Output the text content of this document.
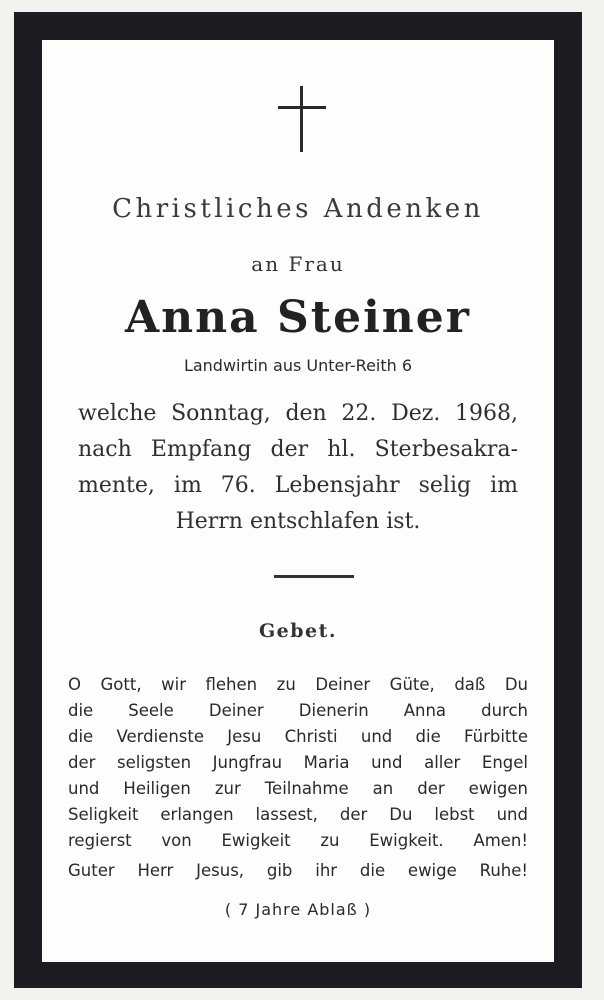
Christliches Andenken
an Frau
Anna Steiner
Landwirtin aus Unter-Reith 6
welche Sonntag, den 22. Dez. 1968,
nach Empfang der hl. Sterbesakra-
mente, im 76. Lebensjahr selig im
Herrn entschlafen ist.
Gebet.
O Gott, wir flehen zu Deiner Güte, daß Du
die Seele Deiner Dienerin Anna durch
die Verdienste Jesu Christi und die Fürbitte
der seligsten Jungfrau Maria und aller Engel
und Heiligen zur Teilnahme an der ewigen
Seligkeit erlangen lassest, der Du lebst und
regierst von Ewigkeit zu Ewigkeit. Amen!
Guter Herr Jesus, gib ihr die ewige Ruhe!
( 7 Jahre Ablaß )
